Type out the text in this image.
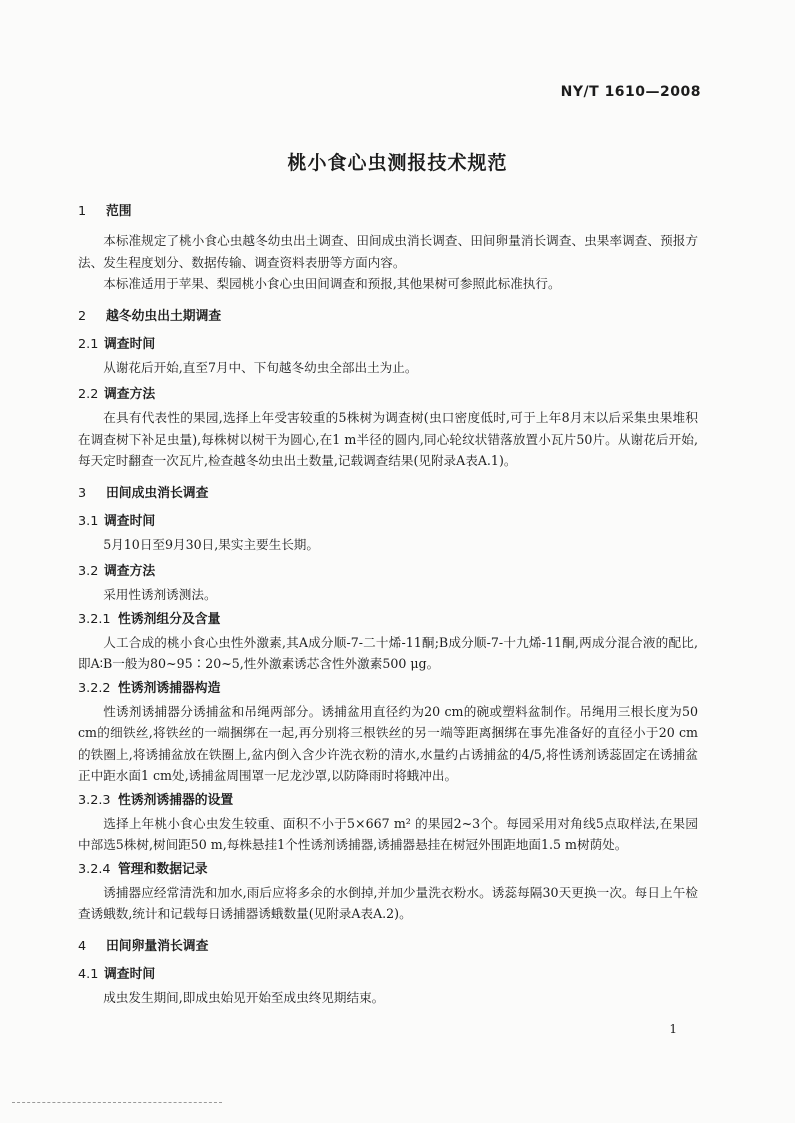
NY/T 1610—2008
桃小食心虫测报技术规范
1 范围
本标准规定了桃小食心虫越冬幼虫出土调查、田间成虫消长调查、田间卵量消长调查、虫果率调查、预报方法、发生程度划分、数据传输、调查资料表册等方面内容。
本标准适用于苹果、梨园桃小食心虫田间调查和预报,其他果树可参照此标准执行。
2 越冬幼虫出土期调查
2.1 调查时间
从谢花后开始,直至7月中、下旬越冬幼虫全部出土为止。
2.2 调查方法
在具有代表性的果园,选择上年受害较重的5株树为调查树(虫口密度低时,可于上年8月末以后采集虫果堆积在调查树下补足虫量),每株树以树干为圆心,在1 m半径的圆内,同心轮纹状错落放置小瓦片50片。从谢花后开始,每天定时翻查一次瓦片,检查越冬幼虫出土数量,记载调查结果(见附录A表A.1)。
3 田间成虫消长调查
3.1 调查时间
5月10日至9月30日,果实主要生长期。
3.2 调查方法
采用性诱剂诱测法。
3.2.1 性诱剂组分及含量
人工合成的桃小食心虫性外激素,其A成分顺-7-二十烯-11酮;B成分顺-7-十九烯-11酮,两成分混合液的配比,即A∶B一般为80~95∶20~5,性外激素诱芯含性外激素500 μg。
3.2.2 性诱剂诱捕器构造
性诱剂诱捕器分诱捕盆和吊绳两部分。诱捕盆用直径约为20 cm的碗或塑料盆制作。吊绳用三根长度为50 cm的细铁丝,将铁丝的一端捆绑在一起,再分别将三根铁丝的另一端等距离捆绑在事先准备好的直径小于20 cm的铁圈上,将诱捕盆放在铁圈上,盆内倒入含少许洗衣粉的清水,水量约占诱捕盆的4/5,将性诱剂诱蕊固定在诱捕盆正中距水面1 cm处,诱捕盆周围罩一尼龙沙罩,以防降雨时将蛾冲出。
3.2.3 性诱剂诱捕器的设置
选择上年桃小食心虫发生较重、面积不小于5×667 m² 的果园2~3个。每园采用对角线5点取样法,在果园中部选5株树,树间距50 m,每株悬挂1个性诱剂诱捕器,诱捕器悬挂在树冠外围距地面1.5 m树荫处。
3.2.4 管理和数据记录
诱捕器应经常清洗和加水,雨后应将多余的水倒掉,并加少量洗衣粉水。诱蕊每隔30天更换一次。每日上午检查诱蛾数,统计和记载每日诱捕器诱蛾数量(见附录A表A.2)。
4 田间卵量消长调查
4.1 调查时间
成虫发生期间,即成虫始见开始至成虫终见期结束。
1
